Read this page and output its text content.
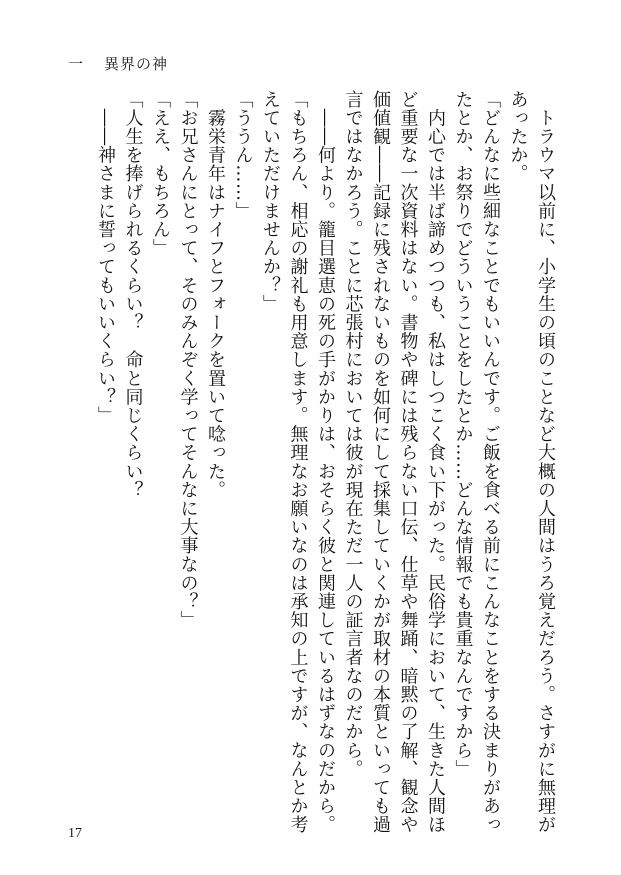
一 異界の神
　トラウマ以前に、小学生の頃のことなど大概の人間はうろ覚えだろう。さすがに無理が
あったか。
「どんなに些細なことでもいいんです。ご飯を食べる前にこんなことをする決まりがあっ
たとか、お祭りでどういうことをしたとか……どんな情報でも貴重なんですから」
　内心では半ば諦めつつも、私はしつこく食い下がった。民俗学において、生きた人間ほ
ど重要な一次資料はない。書物や碑には残らない口伝、仕草や舞踊、暗黙の了解、観念や
価値観――記録に残されないものを如何にして採集していくかが取材の本質といっても過
言ではなかろう。ことに芯張村においては彼が現在ただ一人の証言者なのだから。
　――何より。籠目選恵の死の手がかりは、おそらく彼と関連しているはずなのだから。
「もちろん、相応の謝礼も用意します。無理なお願いなのは承知の上ですが、なんとか考
えていただけませんか？」
「ううん……」
　霧栄青年はナイフとフォークを置いて唸った。
「お兄さんにとって、そのみんぞく学ってそんなに大事なの？」
「ええ、もちろん」
「人生を捧げられるくらい？　命と同じくらい？
　――神さまに誓ってもいいくらい？」
17
